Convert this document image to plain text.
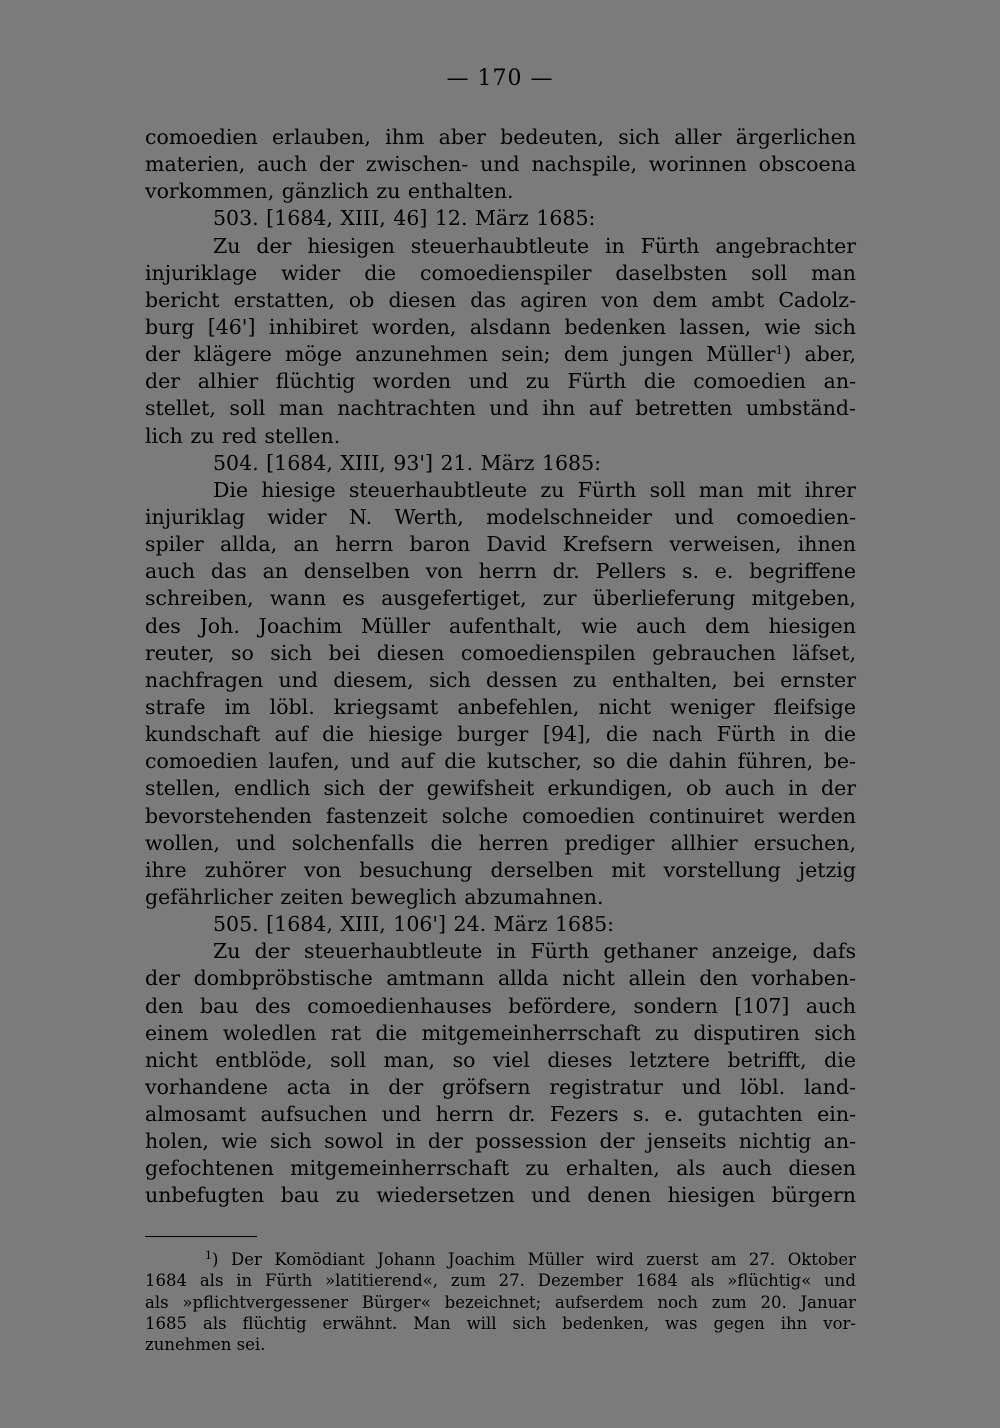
— 170 —
comoedien erlauben, ihm aber bedeuten, sich aller ärgerlichen
materien, auch der zwischen- und nachspile, worinnen obscoena
vorkommen, gänzlich zu enthalten.
503. [1684, XIII, 46] 12. März 1685:
Zu der hiesigen steuerhaubtleute in Fürth angebrachter
injuriklage wider die comoedienspiler daselbsten soll man
bericht erstatten, ob diesen das agiren von dem ambt Cadolz-
burg [46'] inhibiret worden, alsdann bedenken lassen, wie sich
der klägere möge anzunehmen sein; dem jungen Müller$^1$) aber,
der alhier flüchtig worden und zu Fürth die comoedien an-
stellet, soll man nachtrachten und ihn auf betretten umbständ-
lich zu red stellen.
504. [1684, XIII, 93'] 21. März 1685:
Die hiesige steuerhaubtleute zu Fürth soll man mit ihrer
injuriklag wider N. Werth, modelschneider und comoedien-
spiler allda, an herrn baron David Krefsern verweisen, ihnen
auch das an denselben von herrn dr. Pellers s. e. begriffene
schreiben, wann es ausgefertiget, zur überlieferung mitgeben,
des Joh. Joachim Müller aufenthalt, wie auch dem hiesigen
reuter, so sich bei diesen comoedienspilen gebrauchen läfset,
nachfragen und diesem, sich dessen zu enthalten, bei ernster
strafe im löbl. kriegsamt anbefehlen, nicht weniger fleifsige
kundschaft auf die hiesige burger [94], die nach Fürth in die
comoedien laufen, und auf die kutscher, so die dahin führen, be-
stellen, endlich sich der gewifsheit erkundigen, ob auch in der
bevorstehenden fastenzeit solche comoedien continuiret werden
wollen, und solchenfalls die herren prediger allhier ersuchen,
ihre zuhörer von besuchung derselben mit vorstellung jetzig
gefährlicher zeiten beweglich abzumahnen.
505. [1684, XIII, 106'] 24. März 1685:
Zu der steuerhaubtleute in Fürth gethaner anzeige, dafs
der dombpröbstische amtmann allda nicht allein den vorhaben-
den bau des comoedienhauses befördere, sondern [107] auch
einem woledlen rat die mitgemeinherrschaft zu disputiren sich
nicht entblöde, soll man, so viel dieses letztere betrifft, die
vorhandene acta in der gröfsern registratur und löbl. land-
almosamt aufsuchen und herrn dr. Fezers s. e. gutachten ein-
holen, wie sich sowol in der possession der jenseits nichtig an-
gefochtenen mitgemeinherrschaft zu erhalten, als auch diesen
unbefugten bau zu wiedersetzen und denen hiesigen bürgern
$^1$) Der Komödiant Johann Joachim Müller wird zuerst am 27. Oktober
1684 als in Fürth »latitierend«, zum 27. Dezember 1684 als »flüchtig« und
als »pflichtvergessener Bürger« bezeichnet; aufserdem noch zum 20. Januar
1685 als flüchtig erwähnt. Man will sich bedenken, was gegen ihn vor-
zunehmen sei.
